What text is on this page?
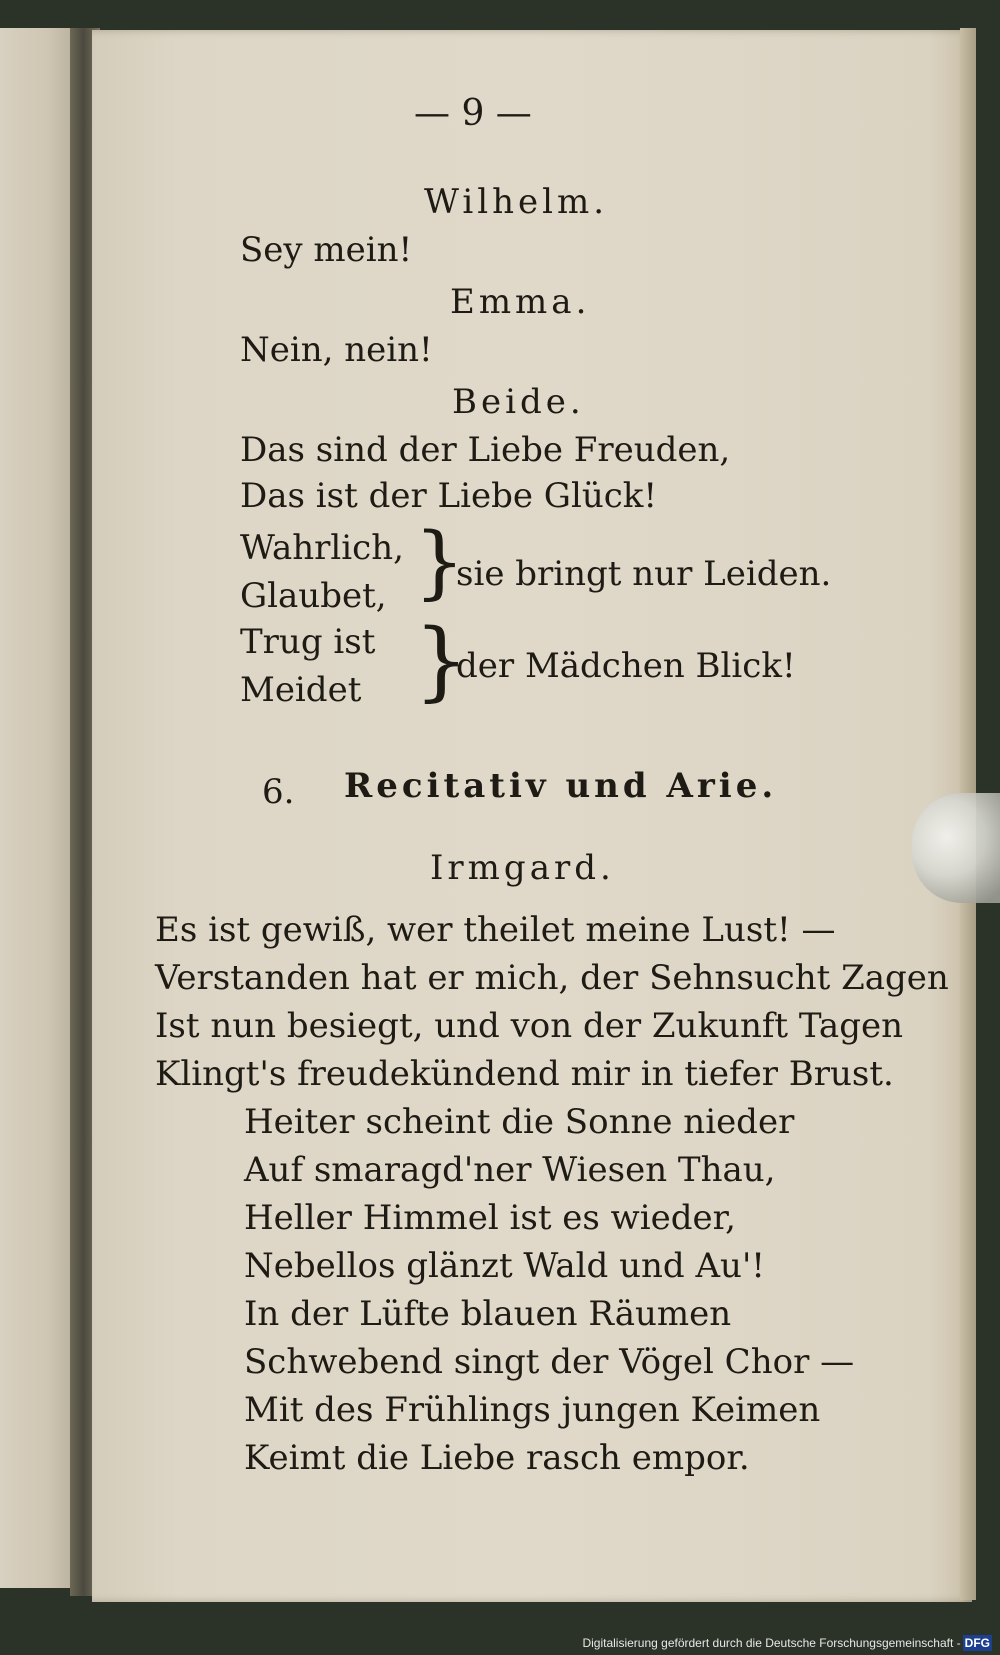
— 9 —
Wilhelm.
Sey mein!
Emma.
Nein, nein!
Beide.
Das sind der Liebe Freuden,
Das ist der Liebe Glück!
Wahrlich,
Glaubet, }
sie bringt nur Leiden.
Trug ist
Meidet }
der Mädchen Blick!
6. Recitativ und Arie.
Irmgard.
Es ist gewiß, wer theilet meine Lust! —
Verstanden hat er mich, der Sehnsucht Zagen
Ist nun besiegt, und von der Zukunft Tagen
Klingt's freudekündend mir in tiefer Brust.
Heiter scheint die Sonne nieder
Auf smaragd'ner Wiesen Thau,
Heller Himmel ist es wieder,
Nebellos glänzt Wald und Au'!
In der Lüfte blauen Räumen
Schwebend singt der Vögel Chor —
Mit des Frühlings jungen Keimen
Keimt die Liebe rasch empor.
Digitalisierung gefördert durch die Deutsche Forschungsgemeinschaft - DFG
